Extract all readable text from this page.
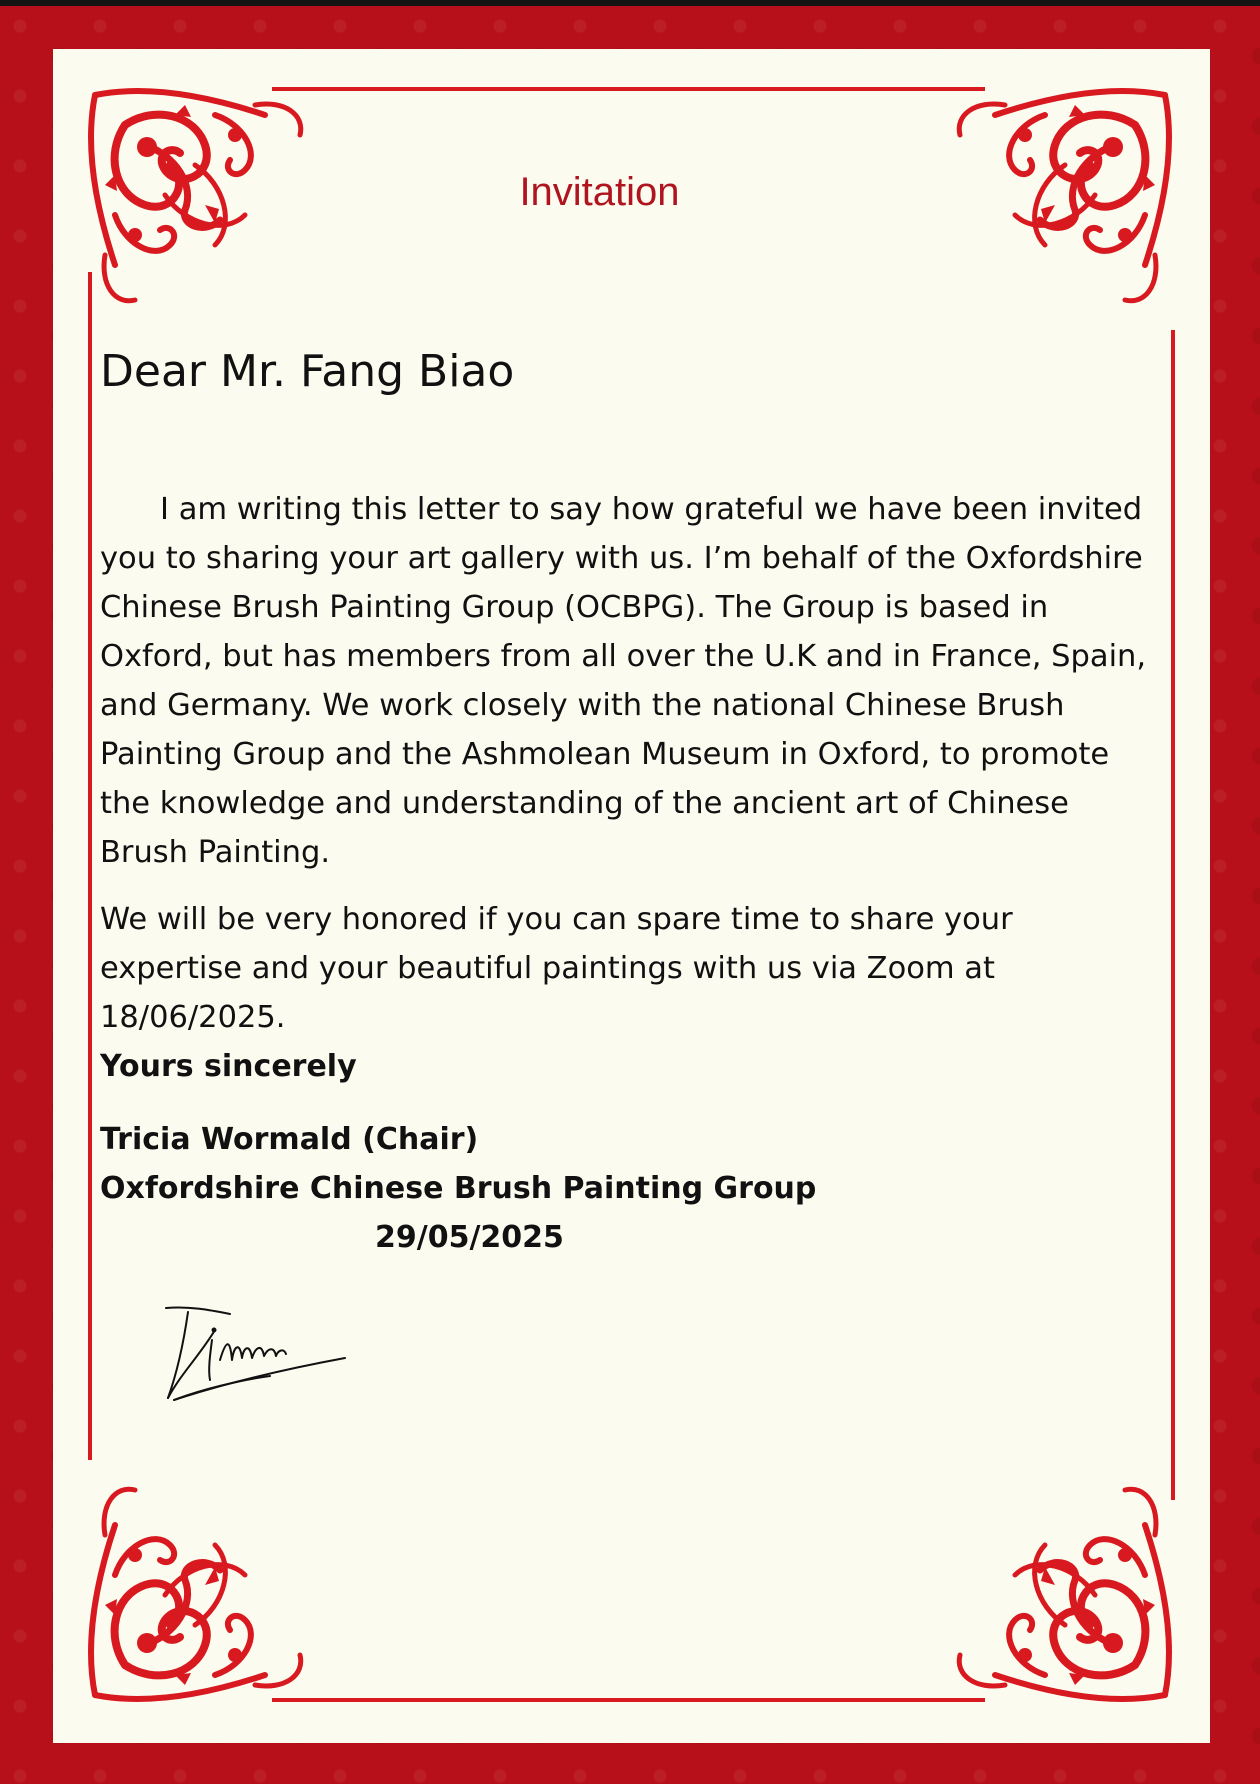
Invitation

Dear Mr. Fang Biao

I am writing this letter to say how grateful we have been invited you to sharing your art gallery with us. I’m behalf of the Oxfordshire Chinese Brush Painting Group (OCBPG). The Group is based in Oxford, but has members from all over the U.K and in France, Spain, and Germany. We work closely with the national Chinese Brush Painting Group and the Ashmolean Museum in Oxford, to promote the knowledge and understanding of the ancient art of Chinese Brush Painting.

We will be very honored if you can spare time to share your expertise and your beautiful paintings with us via Zoom at 18/06/2025.

Yours sincerely

Tricia Wormald (Chair)

Oxfordshire Chinese Brush Painting Group

29/05/2025
